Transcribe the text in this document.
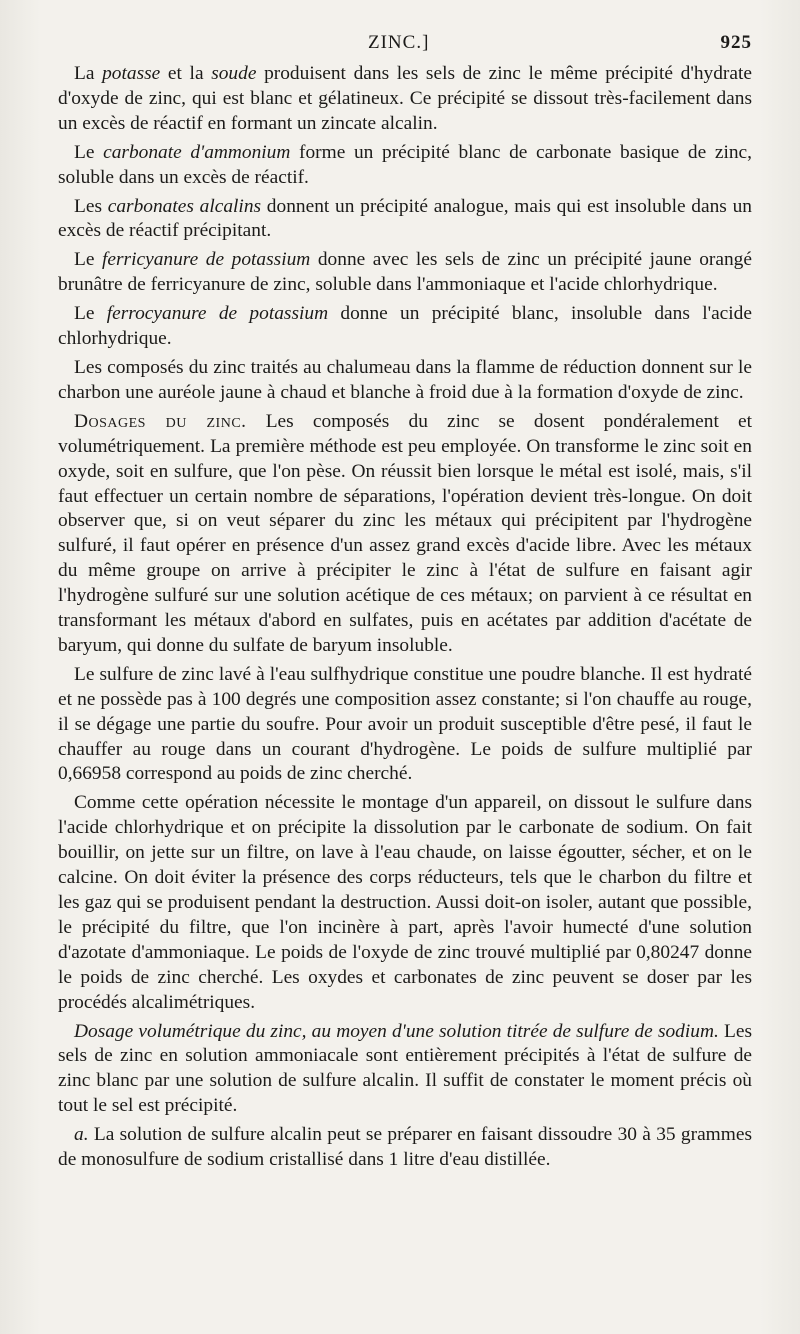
ZINC.]	925

La potasse et la soude produisent dans les sels de zinc le même précipité d'hydrate d'oxyde de zinc, qui est blanc et gélatineux. Ce précipité se dissout très-facilement dans un excès de réactif en formant un zincate alcalin.

Le carbonate d'ammonium forme un précipité blanc de carbonate basique de zinc, soluble dans un excès de réactif.

Les carbonates alcalins donnent un précipité analogue, mais qui est insoluble dans un excès de réactif précipitant.

Le ferricyanure de potassium donne avec les sels de zinc un précipité jaune orangé brunâtre de ferricyanure de zinc, soluble dans l'ammoniaque et l'acide chlorhydrique.

Le ferrocyanure de potassium donne un précipité blanc, insoluble dans l'acide chlorhydrique.

Les composés du zinc traités au chalumeau dans la flamme de réduction donnent sur le charbon une auréole jaune à chaud et blanche à froid due à la formation d'oxyde de zinc.

Dosages du zinc. Les composés du zinc se dosent pondéralement et volumétriquement. La première méthode est peu employée. On transforme le zinc soit en oxyde, soit en sulfure, que l'on pèse. On réussit bien lorsque le métal est isolé, mais, s'il faut effectuer un certain nombre de séparations, l'opération devient très-longue. On doit observer que, si on veut séparer du zinc les métaux qui précipitent par l'hydrogène sulfuré, il faut opérer en présence d'un assez grand excès d'acide libre. Avec les métaux du même groupe on arrive à précipiter le zinc à l'état de sulfure en faisant agir l'hydrogène sulfuré sur une solution acétique de ces métaux; on parvient à ce résultat en transformant les métaux d'abord en sulfates, puis en acétates par addition d'acétate de baryum, qui donne du sulfate de baryum insoluble.

Le sulfure de zinc lavé à l'eau sulfhydrique constitue une poudre blanche. Il est hydraté et ne possède pas à 100 degrés une composition assez constante; si l'on chauffe au rouge, il se dégage une partie du soufre. Pour avoir un produit susceptible d'être pesé, il faut le chauffer au rouge dans un courant d'hydrogène. Le poids de sulfure multiplié par 0,66958 correspond au poids de zinc cherché.

Comme cette opération nécessite le montage d'un appareil, on dissout le sulfure dans l'acide chlorhydrique et on précipite la dissolution par le carbonate de sodium. On fait bouillir, on jette sur un filtre, on lave à l'eau chaude, on laisse égoutter, sécher, et on le calcine. On doit éviter la présence des corps réducteurs, tels que le charbon du filtre et les gaz qui se produisent pendant la destruction. Aussi doit-on isoler, autant que possible, le précipité du filtre, que l'on incinère à part, après l'avoir humecté d'une solution d'azotate d'ammoniaque. Le poids de l'oxyde de zinc trouvé multiplié par 0,80247 donne le poids de zinc cherché. Les oxydes et carbonates de zinc peuvent se doser par les procédés alcalimétriques.

Dosage volumétrique du zinc, au moyen d'une solution titrée de sulfure de sodium. Les sels de zinc en solution ammoniacale sont entièrement précipités à l'état de sulfure de zinc blanc par une solution de sulfure alcalin. Il suffit de constater le moment précis où tout le sel est précipité.

a. La solution de sulfure alcalin peut se préparer en faisant dissoudre 30 à 35 grammes de monosulfure de sodium cristallisé dans 1 litre d'eau distillée.
